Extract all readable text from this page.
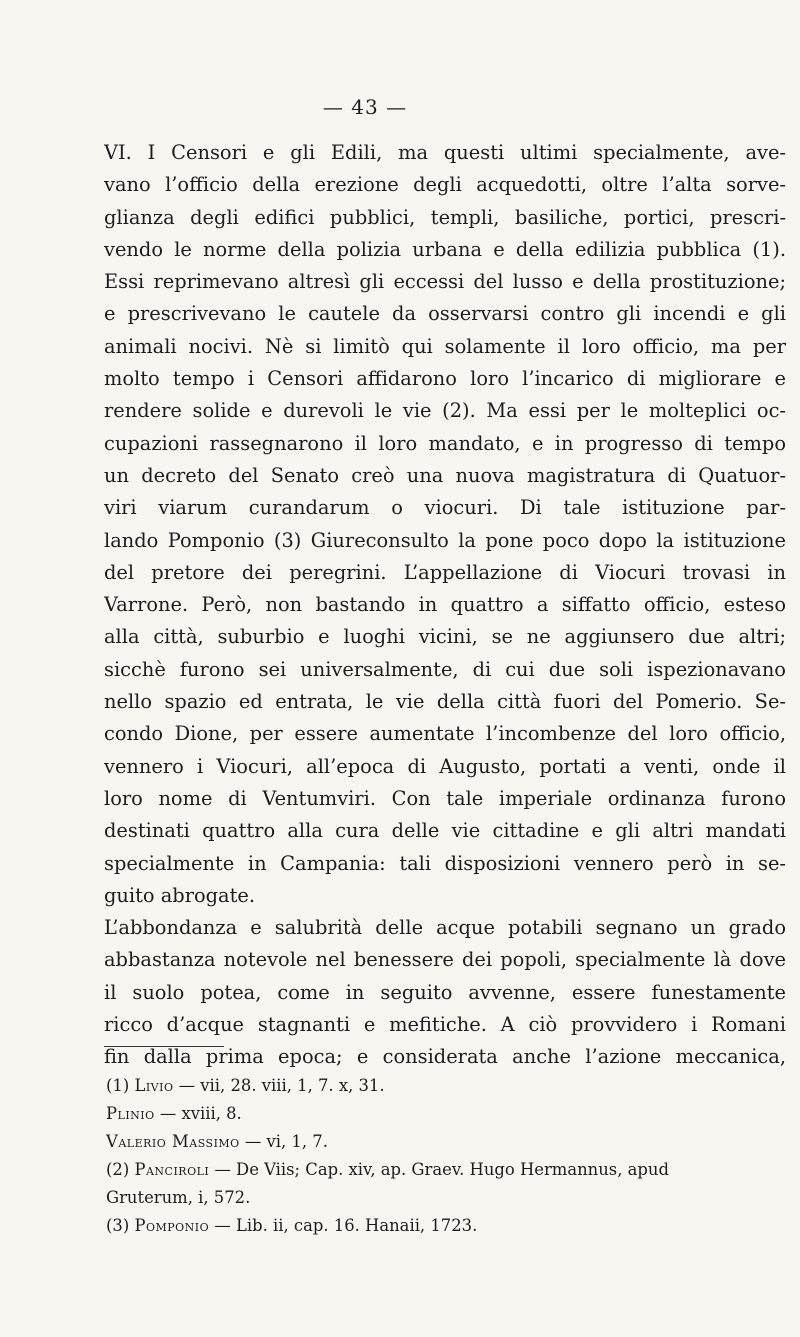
— 43 —
VI. I Censori e gli Edili, ma questi ultimi specialmente, ave-
vano l’officio della erezione degli acquedotti, oltre l’alta sorve-
glianza degli edifici pubblici, templi, basiliche, portici, prescri-
vendo le norme della polizia urbana e della edilizia pubblica (1).
Essi reprimevano altresì gli eccessi del lusso e della prostituzione;
e prescrivevano le cautele da osservarsi contro gli incendi e gli
animali nocivi. Nè si limitò qui solamente il loro officio, ma per
molto tempo i Censori affidarono loro l’incarico di migliorare e
rendere solide e durevoli le vie (2). Ma essi per le molteplici oc-
cupazioni rassegnarono il loro mandato, e in progresso di tempo
un decreto del Senato creò una nuova magistratura di Quatuor-
viri viarum curandarum o viocuri. Di tale istituzione par-
lando Pomponio (3) Giureconsulto la pone poco dopo la istituzione
del pretore dei peregrini. L’appellazione di Viocuri trovasi in
Varrone. Però, non bastando in quattro a siffatto officio, esteso
alla città, suburbio e luoghi vicini, se ne aggiunsero due altri;
sicchè furono sei universalmente, di cui due soli ispezionavano
nello spazio ed entrata, le vie della città fuori del Pomerio. Se-
condo Dione, per essere aumentate l’incombenze del loro officio,
vennero i Viocuri, all’epoca di Augusto, portati a venti, onde il
loro nome di Ventumviri. Con tale imperiale ordinanza furono
destinati quattro alla cura delle vie cittadine e gli altri mandati
specialmente in Campania: tali disposizioni vennero però in se-
guito abrogate.
L’abbondanza e salubrità delle acque potabili segnano un grado
abbastanza notevole nel benessere dei popoli, specialmente là dove
il suolo potea, come in seguito avvenne, essere funestamente
ricco d’acque stagnanti e mefitiche. A ciò provvidero i Romani
fin dalla prima epoca; e considerata anche l’azione meccanica,
(1) Livio — vii, 28. viii, 1, 7. x, 31.
Plinio — xviii, 8.
Valerio Massimo — vi, 1, 7.
(2) Panciroli — De Viis; Cap. xiv, ap. Graev. Hugo Hermannus, apud
Gruterum, i, 572.
(3) Pomponio — Lib. ii, cap. 16. Hanaii, 1723.
